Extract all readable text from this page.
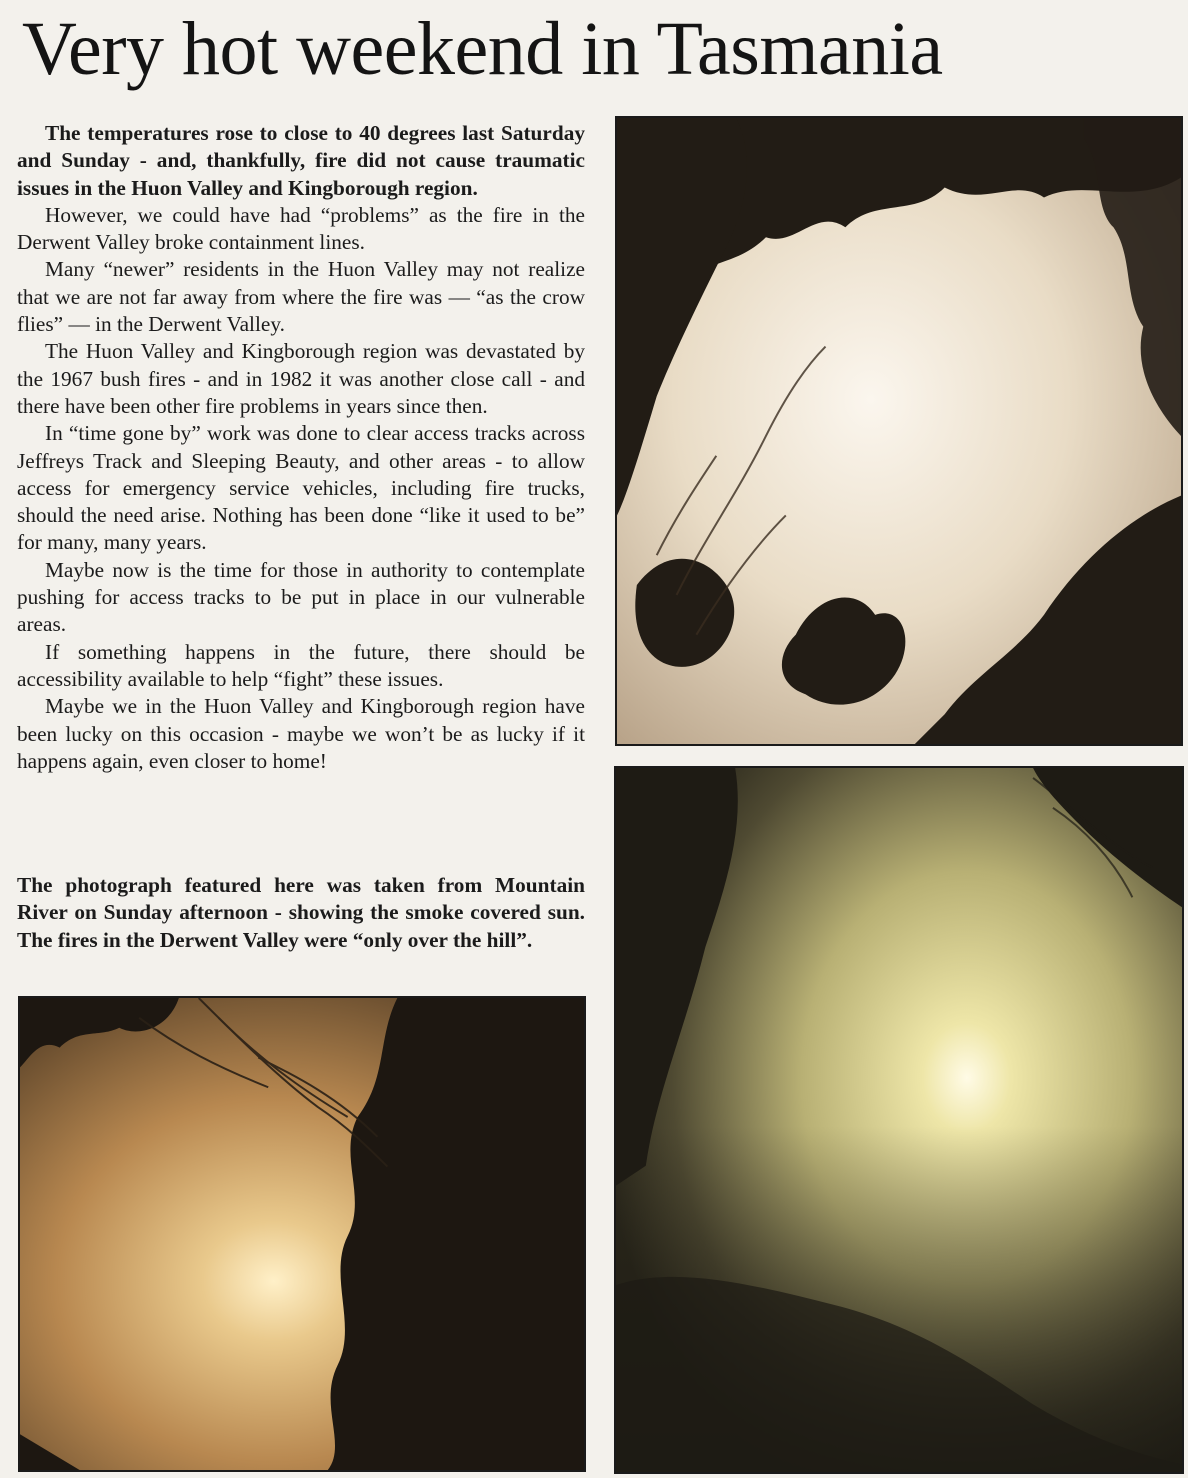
Very hot weekend in Tasmania

The temperatures rose to close to 40 degrees last Saturday and Sunday - and, thankfully, fire did not cause traumatic issues in the Huon Valley and Kingborough region.

However, we could have had “problems” as the fire in the Derwent Valley broke containment lines.

Many “newer” residents in the Huon Valley may not realize that we are not far away from where the fire was — “as the crow flies” — in the Derwent Valley.

The Huon Valley and Kingborough region was devastated by the 1967 bush fires - and in 1982 it was another close call - and there have been other fire problems in years since then.

In “time gone by” work was done to clear access tracks across Jeffreys Track and Sleeping Beauty, and other areas - to allow access for emergency service vehicles, including fire trucks, should the need arise. Nothing has been done “like it used to be” for many, many years.

Maybe now is the time for those in authority to contemplate pushing for access tracks to be put in place in our vulnerable areas.

If something happens in the future, there should be accessibility available to help “fight” these issues.

Maybe we in the Huon Valley and Kingborough region have been lucky on this occasion - maybe we won’t be as lucky if it happens again, even closer to home!

The photograph featured here was taken from Mountain River on Sunday afternoon - showing the smoke covered sun. The fires in the Derwent Valley were “only over the hill”.
